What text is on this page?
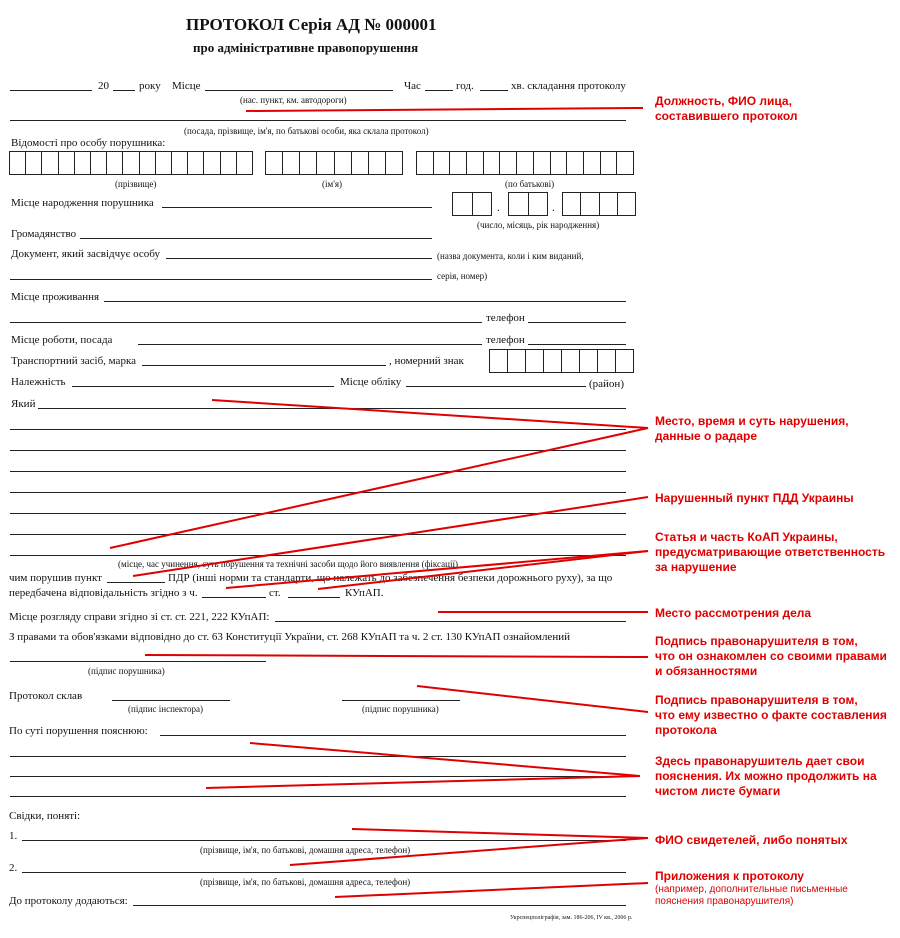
ПРОТОКОЛ Серія АД № 000001
про адміністративне правопорушення
20	року Місце
(нас. пункт, км. автодороги)
Час	год.	хв. складання протоколу
(посада, прізвище, ім'я, по батькові особи, яка склала протокол)
Відомості про особу порушника:
(прізвище)	(ім'я)	(по батькові)
Місце народження порушника	.	.
(число, місяць, рік народження)
Громадянство
Документ, який засвідчує особу	(назва документа, коли і ким виданий,
серія, номер)
Місце проживання
телефон
Місце роботи, посада	телефон
Транспортний засіб, марка	, номерний знак
Належність	Місце обліку	(район)
Який
(місце, час учинення, суть порушення та технічні засоби щодо його виявлення (фіксації)
чим порушив пункт	ПДР (інші норми та стандарти, що належать до забезпечення безпеки дорожнього руху), за що
передбачена відповідальність згідно з ч.	ст.	КУпАП.
Місце розгляду справи згідно зі ст. ст. 221, 222 КУпАП:
З правами та обов'язками відповідно до ст. 63 Конституції України, ст. 268 КУпАП та ч. 2 ст. 130 КУпАП ознайомлений
(підпис порушника)
Протокол склав
(підпис інспектора)	(підпис порушника)
По суті порушення пояснюю:
Свідки, поняті:
1.
(прізвище, ім'я, по батькові, домашня адреса, телефон)
2.
(прізвище, ім'я, по батькові, домашня адреса, телефон)
До протоколу додаються:
Укрспецполіграфія, зам. 186-206, IV кв., 2006 р.
Должность, ФИО лица,
составившего протокол
Место, время и суть нарушения,
данные о радаре
Нарушенный пункт ПДД Украины
Статья и часть КоАП Украины,
предусматривающие ответственность
за нарушение
Место рассмотрения дела
Подпись правонарушителя в том,
что он ознакомлен со своими правами
и обязанностями
Подпись правонарушителя в том,
что ему известно о факте составления
протокола
Здесь правонарушитель дает свои
пояснения. Их можно продолжить на
чистом листе бумаги
ФИО свидетелей, либо понятых
Приложения к протоколу
(например, дополнительные письменные
пояснения правонарушителя)
